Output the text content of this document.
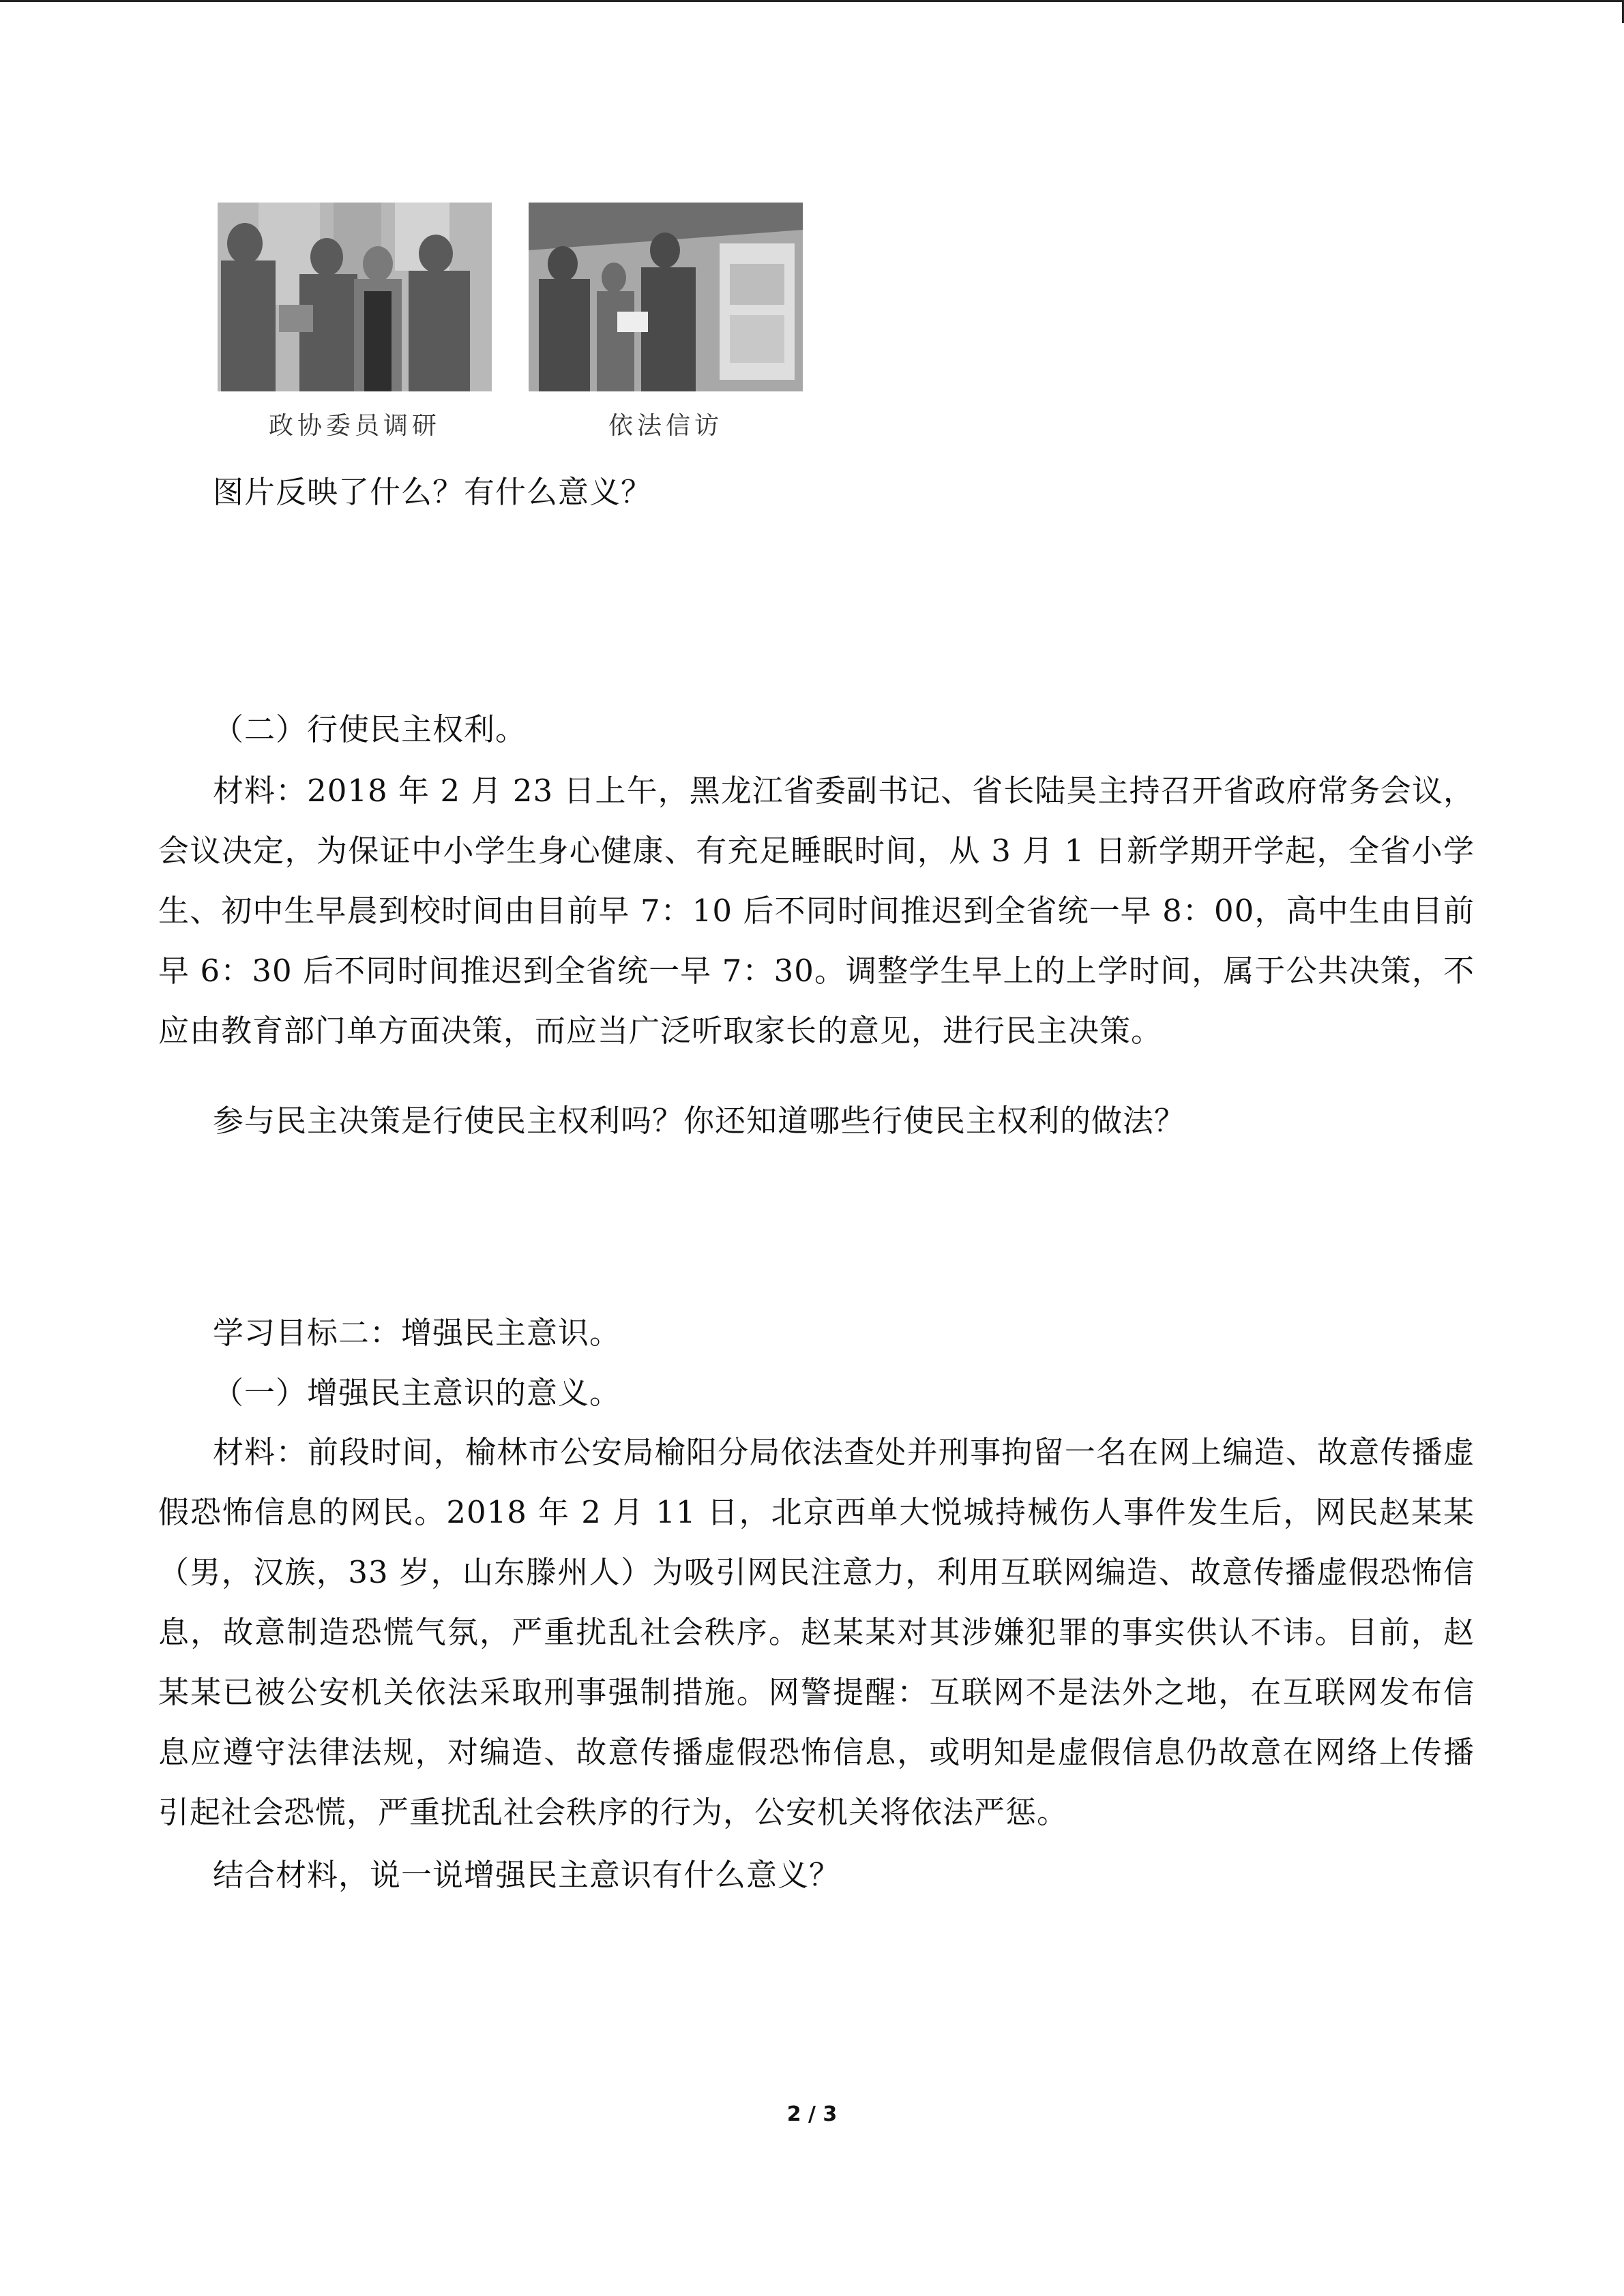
政协委员调研	依法信访

图片反映了什么？有什么意义？

（二）行使民主权利。

材料：2018 年 2 月 23 日上午，黑龙江省委副书记、省长陆昊主持召开省政府常务会议，会议决定，为保证中小学生身心健康、有充足睡眠时间，从 3 月 1 日新学期开学起，全省小学生、初中生早晨到校时间由目前早 7：10 后不同时间推迟到全省统一早 8：00，高中生由目前早 6：30 后不同时间推迟到全省统一早 7：30。调整学生早上的上学时间，属于公共决策，不应由教育部门单方面决策，而应当广泛听取家长的意见，进行民主决策。

参与民主决策是行使民主权利吗？你还知道哪些行使民主权利的做法？

学习目标二：增强民主意识。

（一）增强民主意识的意义。

材料：前段时间，榆林市公安局榆阳分局依法查处并刑事拘留一名在网上编造、故意传播虚假恐怖信息的网民。2018 年 2 月 11 日，北京西单大悦城持械伤人事件发生后，网民赵某某（男，汉族，33 岁，山东滕州人）为吸引网民注意力，利用互联网编造、故意传播虚假恐怖信息，故意制造恐慌气氛，严重扰乱社会秩序。赵某某对其涉嫌犯罪的事实供认不讳。目前，赵某某已被公安机关依法采取刑事强制措施。网警提醒：互联网不是法外之地，在互联网发布信息应遵守法律法规，对编造、故意传播虚假恐怖信息，或明知是虚假信息仍故意在网络上传播引起社会恐慌，严重扰乱社会秩序的行为，公安机关将依法严惩。

结合材料，说一说增强民主意识有什么意义？

2 / 3
